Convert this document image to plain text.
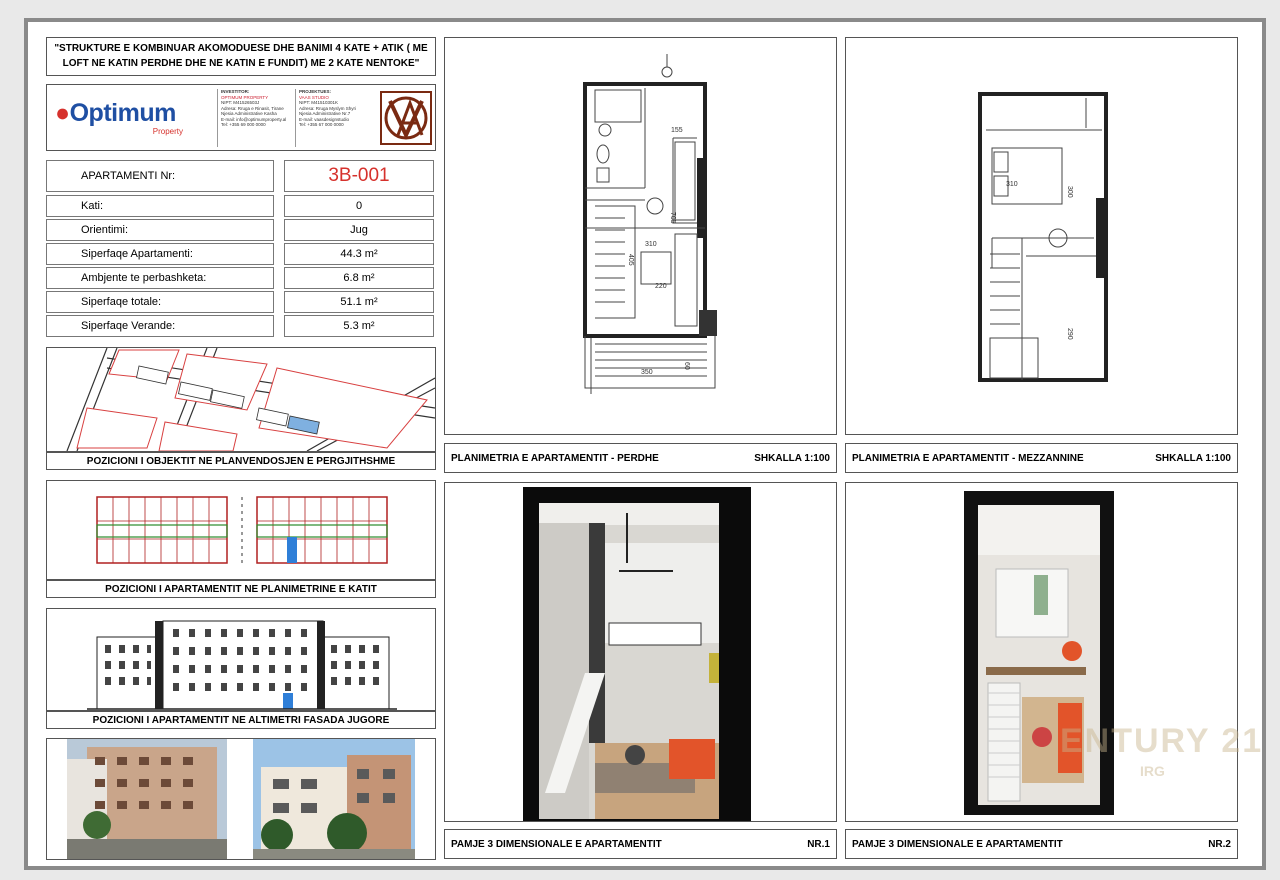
"STRUKTURE E KOMBINUAR AKOMODUESE DHE BANIMI 4 KATE + ATIK ( ME LOFT NE KATIN PERDHE DHE NE KATIN E FUNDIT) ME 2 KATE NENTOKE"
●Optimum
Property
INVESTITOR:
OPTIMUM PROPERTY
NIPT: M41526503J
Adresa: Rruga e Rinasit, Tirane
Njesia Administrative Kasha
E-mail: info@optimumproperty.al
Tel: +355 69 000 0000
PROJEKTUES:
VAAS STUDIO
NIPT: M41510301K
Adresa: Rruga Myslym Shyri
Njesia Administrative Nr.7
E-mail: vaasdesignstudio
Tel: +355 67 000 0000
APARTAMENTI Nr:	3B-001
Kati:	0
Orientimi:	Jug
Siperfaqe Apartamenti:	44.3 m²
Ambjente te perbashketa:	6.8 m²
Siperfaqe totale:	51.1 m²
Siperfaqe Verande:	5.3 m²
POZICIONI I OBJEKTIT NE PLANVENDOSJEN E PERGJITHSHME
POZICIONI I APARTAMENTIT NE PLANIMETRINE E KATIT
POZICIONI I APARTAMENTIT NE ALTIMETRI FASADA JUGORE
155
310
220
350
705
405
60
PLANIMETRIA E APARTAMENTIT - PERDHE	SHKALLA 1:100
310
300
290
PLANIMETRIA E APARTAMENTIT - MEZZANNINE	SHKALLA 1:100
PAMJE 3 DIMENSIONALE E APARTAMENTIT	NR.1	PAMJE 3 DIMENSIONALE E APARTAMENTIT	NR.2
ENTURY 21
IRG
